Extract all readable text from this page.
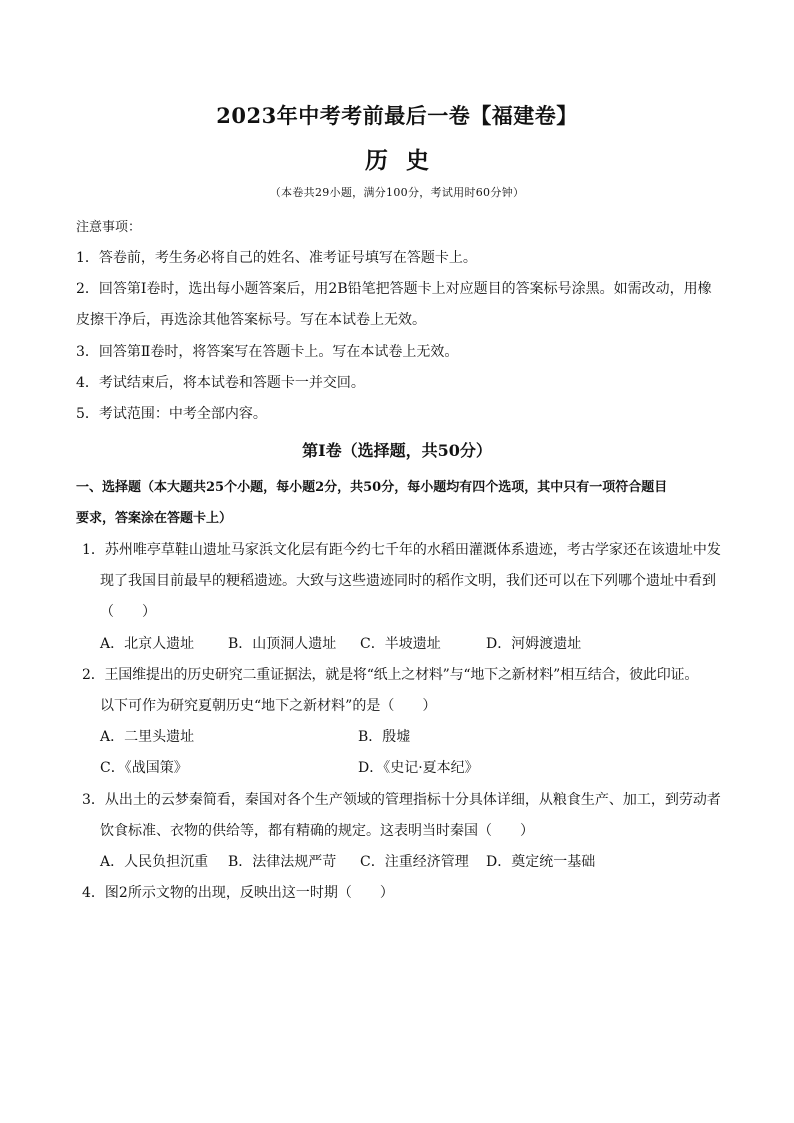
2023年中考考前最后一卷【福建卷】
历史
（本卷共29小题，满分100分，考试用时60分钟）
注意事项：
1．答卷前，考生务必将自己的姓名、准考证号填写在答题卡上。
2．回答第Ⅰ卷时，选出每小题答案后，用2B铅笔把答题卡上对应题目的答案标号涂黑。如需改动，用橡
皮擦干净后，再选涂其他答案标号。写在本试卷上无效。
3．回答第Ⅱ卷时，将答案写在答题卡上。写在本试卷上无效。
4．考试结束后，将本试卷和答题卡一并交回。
5．考试范围：中考全部内容。
第Ⅰ卷（选择题，共50分）
一、选择题（本大题共25个小题，每小题2分，共50分，每小题均有四个选项，其中只有一项符合题目
要求，答案涂在答题卡上）
1．苏州唯亭草鞋山遗址马家浜文化层有距今约七千年的水稻田灌溉体系遗迹，考古学家还在该遗址中发
现了我国目前最早的粳稻遗迹。大致与这些遗迹同时的稻作文明，我们还可以在下列哪个遗址中看到
（　　）
A．北京人遗址 B．山顶洞人遗址 C．半坡遗址	D．河姆渡遗址
2．王国维提出的历史研究二重证据法，就是将“纸上之材料”与“地下之新材料”相互结合，彼此印证。
以下可作为研究夏朝历史“地下之新材料”的是（　　）
A．二里头遗址	B．殷墟
C．《战国策》	D．《史记·夏本纪》
3．从出土的云梦秦简看，秦国对各个生产领域的管理指标十分具体详细，从粮食生产、加工，到劳动者
饮食标准、衣物的供给等，都有精确的规定。这表明当时秦国（　　）
A．人民负担沉重 B．法律法规严苛 C．注重经济管理 D．奠定统一基础
4．图2所示文物的出现，反映出这一时期（　　）
